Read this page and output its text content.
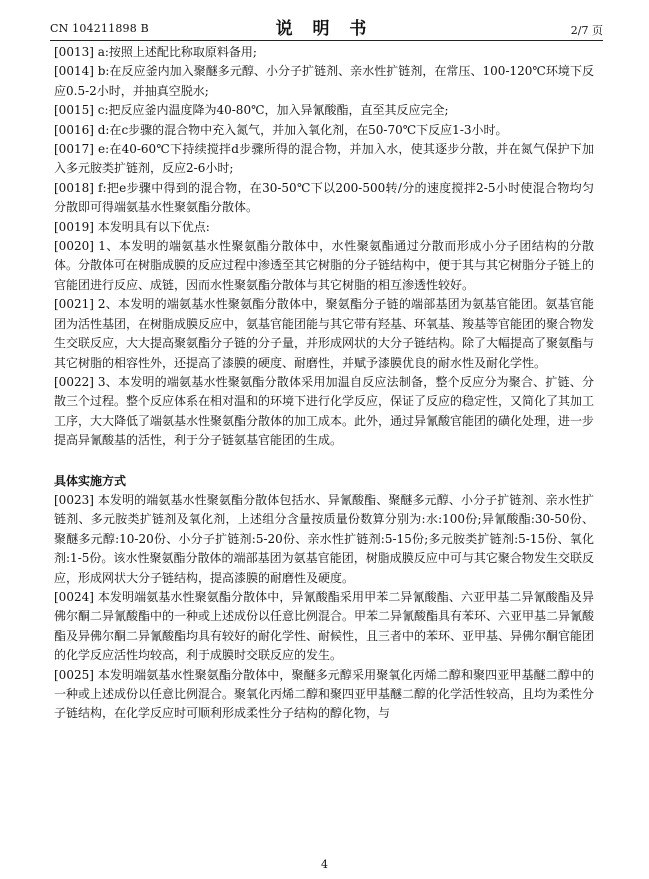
CN 104211898 B	说 明 书	2/7 页

[0013] a:按照上述配比称取原料备用;

[0014] b:在反应釜内加入聚醚多元醇、小分子扩链剂、亲水性扩链剂，在常压、100-120℃环境下反应0.5-2小时，并抽真空脱水;

[0015] c:把反应釜内温度降为40-80℃，加入异氰酸酯，直至其反应完全;

[0016] d:在c步骤的混合物中充入氮气，并加入氧化剂，在50-70℃下反应1-3小时。

[0017] e:在40-60℃下持续搅拌d步骤所得的混合物，并加入水，使其逐步分散，并在氮气保护下加入多元胺类扩链剂，反应2-6小时;

[0018] f:把e步骤中得到的混合物，在30-50℃下以200-500转/分的速度搅拌2-5小时使混合物均匀分散即可得端氨基水性聚氨酯分散体。

[0019] 本发明具有以下优点:

[0020] 1、本发明的端氨基水性聚氨酯分散体中，水性聚氨酯通过分散而形成小分子团结构的分散体。分散体可在树脂成膜的反应过程中渗透至其它树脂的分子链结构中，便于其与其它树脂分子链上的官能团进行反应、成链，因而水性聚氨酯分散体与其它树脂的相互渗透性较好。

[0021] 2、本发明的端氨基水性聚氨酯分散体中，聚氨酯分子链的端部基团为氨基官能团。氨基官能团为活性基团，在树脂成膜反应中，氨基官能团能与其它带有羟基、环氧基、羧基等官能团的聚合物发生交联反应，大大提高聚氨酯分子链的分子量，并形成网状的大分子链结构。除了大幅提高了聚氨酯与其它树脂的相容性外，还提高了漆膜的硬度、耐磨性，并赋予漆膜优良的耐水性及耐化学性。

[0022] 3、本发明的端氨基水性聚氨酯分散体采用加温自反应法制备，整个反应分为聚合、扩链、分散三个过程。整个反应体系在相对温和的环境下进行化学反应，保证了反应的稳定性，又简化了其加工工序，大大降低了端氨基水性聚氨酯分散体的加工成本。此外，通过异氰酸官能团的磺化处理，进一步提高异氰酸基的活性，利于分子链氨基官能团的生成。

具体实施方式

[0023] 本发明的端氨基水性聚氨酯分散体包括水、异氰酸酯、聚醚多元醇、小分子扩链剂、亲水性扩链剂、多元胺类扩链剂及氧化剂，上述组分含量按质量份数算分别为:水:100份;异氰酸酯:30-50份、聚醚多元醇:10-20份、小分子扩链剂:5-20份、亲水性扩链剂:5-15份;多元胺类扩链剂:5-15份、氧化剂:1-5份。该水性聚氨酯分散体的端部基团为氨基官能团，树脂成膜反应中可与其它聚合物发生交联反应，形成网状大分子链结构，提高漆膜的耐磨性及硬度。

[0024] 本发明端氨基水性聚氨酯分散体中，异氰酸酯采用甲苯二异氰酸酯、六亚甲基二异氰酸酯及异佛尔酮二异氰酸酯中的一种或上述成份以任意比例混合。甲苯二异氰酸酯具有苯环、六亚甲基二异氰酸酯及异佛尔酮二异氰酸酯均具有较好的耐化学性、耐候性，且三者中的苯环、亚甲基、异佛尔酮官能团的化学反应活性均较高，利于成膜时交联反应的发生。

[0025] 本发明端氨基水性聚氨酯分散体中，聚醚多元醇采用聚氧化丙烯二醇和聚四亚甲基醚二醇中的一种或上述成份以任意比例混合。聚氧化丙烯二醇和聚四亚甲基醚二醇的化学活性较高，且均为柔性分子链结构，在化学反应时可顺利形成柔性分子结构的醇化物，与

4
